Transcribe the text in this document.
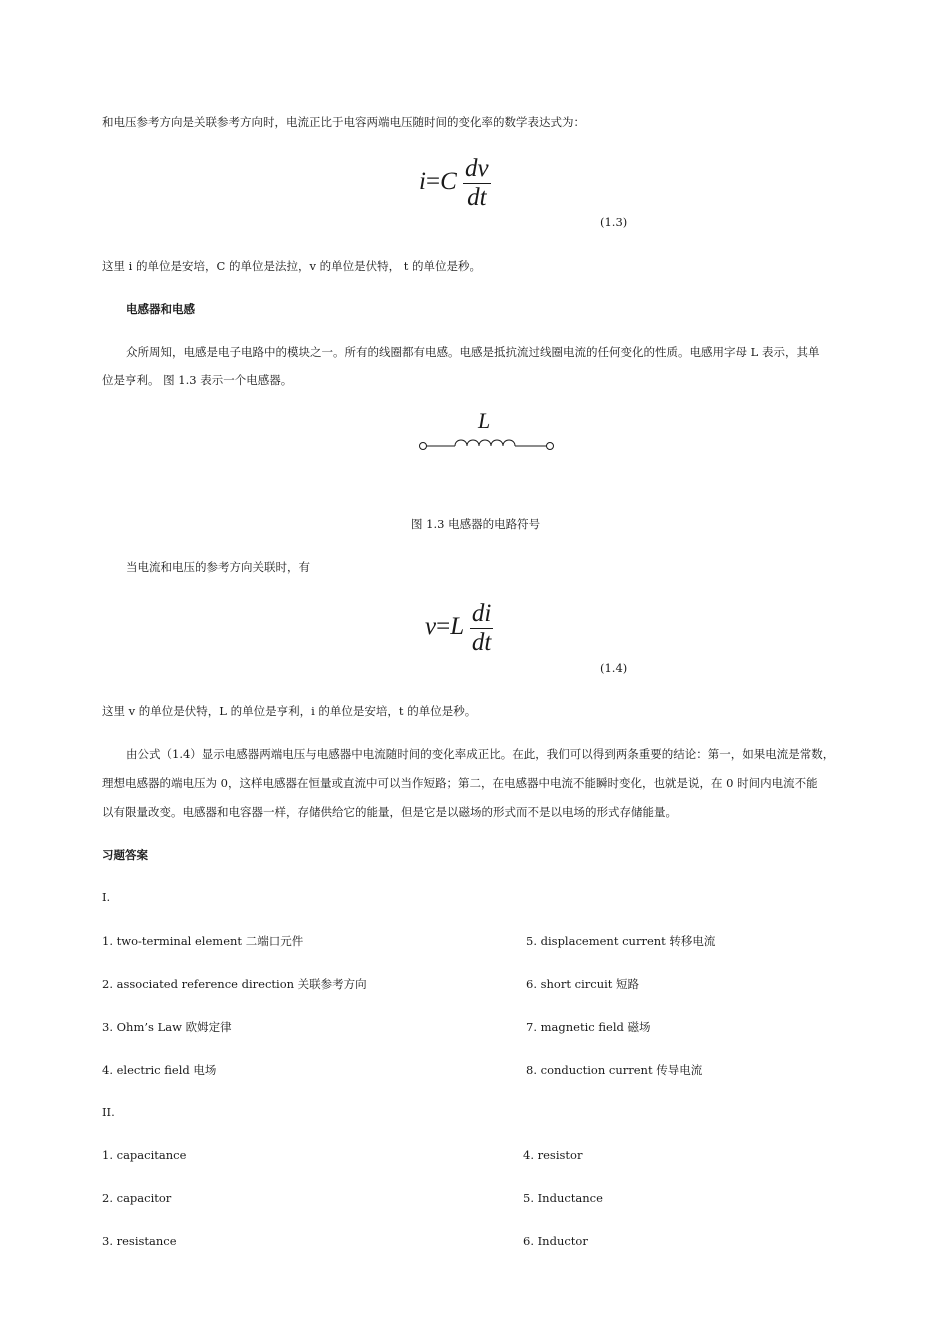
和电压参考方向是关联参考方向时，电流正比于电容两端电压随时间的变化率的数学表达式为：
$i=C \frac{dv}{dt}$
(1.3)
这里 i 的单位是安培，C 的单位是法拉，v 的单位是伏特， t 的单位是秒。
电感器和电感
众所周知，电感是电子电路中的模块之一。所有的线圈都有电感。电感是抵抗流过线圈电流的任何变化的性质。电感用字母 L 表示，其单
位是亨利。 图 1.3 表示一个电感器。
L
图 1.3 电感器的电路符号
当电流和电压的参考方向关联时，有
$v=L \frac{di}{dt}$
(1.4)
这里 v 的单位是伏特，L 的单位是亨利，i 的单位是安培，t 的单位是秒。
由公式（1.4）显示电感器两端电压与电感器中电流随时间的变化率成正比。在此，我们可以得到两条重要的结论：第一，如果电流是常数，
理想电感器的端电压为 0，这样电感器在恒量或直流中可以当作短路；第二，在电感器中电流不能瞬时变化，也就是说，在 0 时间内电流不能
以有限量改变。电感器和电容器一样，存储供给它的能量，但是它是以磁场的形式而不是以电场的形式存储能量。
习题答案
I.
1. two-terminal element 二端口元件	5. displacement current 转移电流
2. associated reference direction 关联参考方向	6. short circuit 短路
3. Ohm’s Law 欧姆定律	7. magnetic field 磁场
4. electric field 电场	8. conduction current 传导电流
II.
1. capacitance	4. resistor
2. capacitor	5. Inductance
3. resistance	6. Inductor
